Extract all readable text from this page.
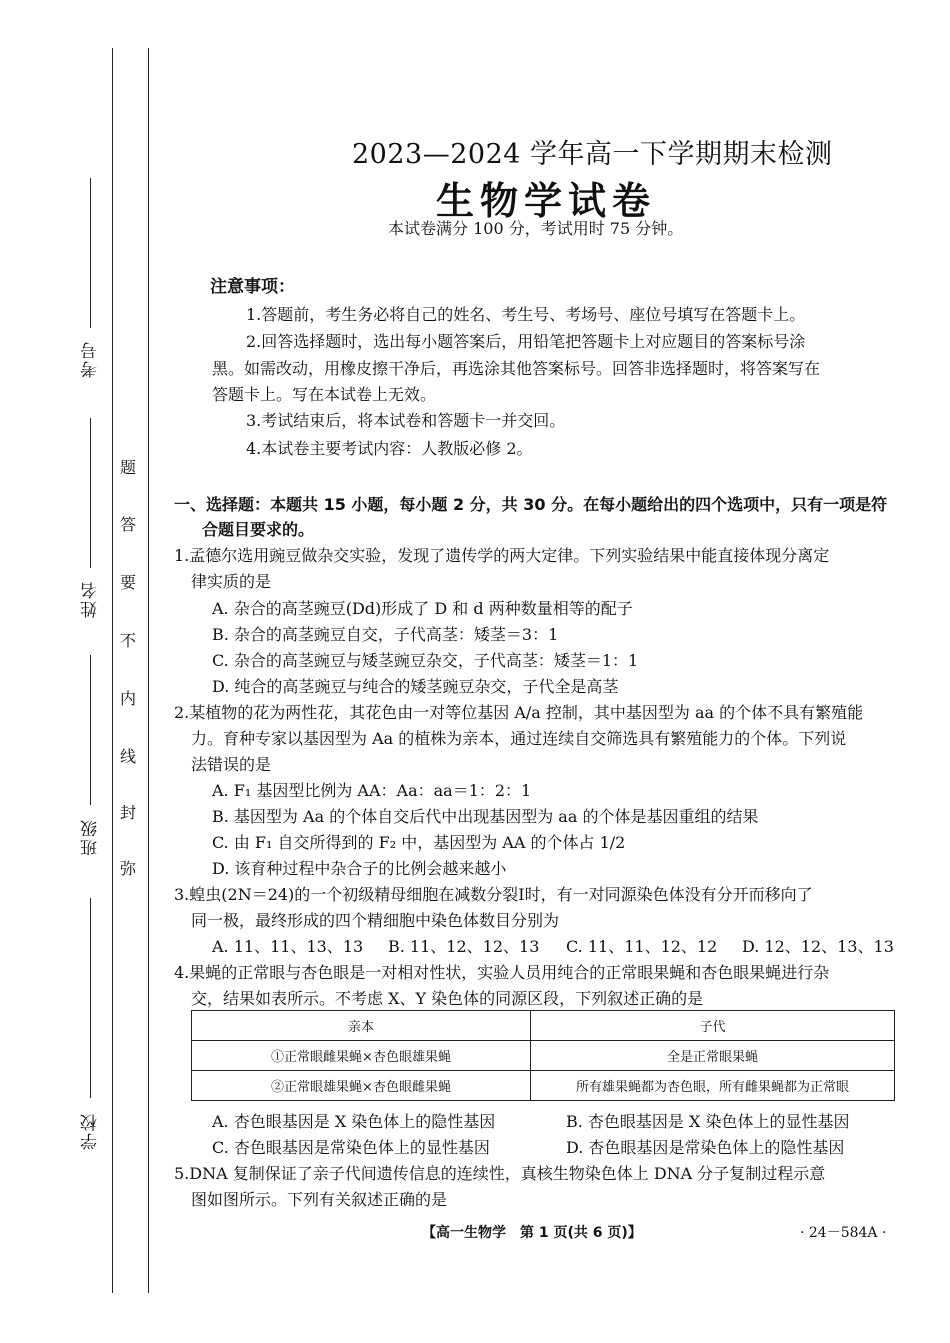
考号
姓名
班级
学校
题
答
要
不
内
线
封
弥
2023—2024 学年高一下学期期末检测
生物学试卷
本试卷满分 100 分，考试用时 75 分钟。
注意事项：
1.答题前，考生务必将自己的姓名、考生号、考场号、座位号填写在答题卡上。
2.回答选择题时，选出每小题答案后，用铅笔把答题卡上对应题目的答案标号涂
黑。如需改动，用橡皮擦干净后，再选涂其他答案标号。回答非选择题时，将答案写在
答题卡上。写在本试卷上无效。
3.考试结束后，将本试卷和答题卡一并交回。
4.本试卷主要考试内容：人教版必修 2。
一、选择题：本题共 15 小题，每小题 2 分，共 30 分。在每小题给出的四个选项中，只有一项是符
合题目要求的。
1.孟德尔选用豌豆做杂交实验，发现了遗传学的两大定律。下列实验结果中能直接体现分离定
律实质的是
A. 杂合的高茎豌豆(Dd)形成了 D 和 d 两种数量相等的配子
B. 杂合的高茎豌豆自交，子代高茎：矮茎＝3：1
C. 杂合的高茎豌豆与矮茎豌豆杂交，子代高茎：矮茎＝1：1
D. 纯合的高茎豌豆与纯合的矮茎豌豆杂交，子代全是高茎
2.某植物的花为两性花，其花色由一对等位基因 A/a 控制，其中基因型为 aa 的个体不具有繁殖能
力。育种专家以基因型为 Aa 的植株为亲本，通过连续自交筛选具有繁殖能力的个体。下列说
法错误的是
A. F₁ 基因型比例为 AA：Aa：aa＝1：2：1
B. 基因型为 Aa 的个体自交后代中出现基因型为 aa 的个体是基因重组的结果
C. 由 F₁ 自交所得到的 F₂ 中，基因型为 AA 的个体占 1/2
D. 该育种过程中杂合子的比例会越来越小
3.蝗虫(2N＝24)的一个初级精母细胞在减数分裂Ⅰ时，有一对同源染色体没有分开而移向了
同一极，最终形成的四个精细胞中染色体数目分别为
A. 11、11、13、13 B. 11、12、12、13 C. 11、11、12、12 D. 12、12、13、13
4.果蝇的正常眼与杏色眼是一对相对性状，实验人员用纯合的正常眼果蝇和杏色眼果蝇进行杂
交，结果如表所示。不考虑 X、Y 染色体的同源区段，下列叙述正确的是
亲本	子代
①正常眼雌果蝇×杏色眼雄果蝇	全是正常眼果蝇
②正常眼雄果蝇×杏色眼雌果蝇	所有雄果蝇都为杏色眼，所有雌果蝇都为正常眼
A. 杏色眼基因是 X 染色体上的隐性基因	B. 杏色眼基因是 X 染色体上的显性基因
C. 杏色眼基因是常染色体上的显性基因	D. 杏色眼基因是常染色体上的隐性基因
5.DNA 复制保证了亲子代间遗传信息的连续性，真核生物染色体上 DNA 分子复制过程示意
图如图所示。下列有关叙述正确的是
【高一生物学　第 1 页(共 6 页)】	· 24－584A ·
